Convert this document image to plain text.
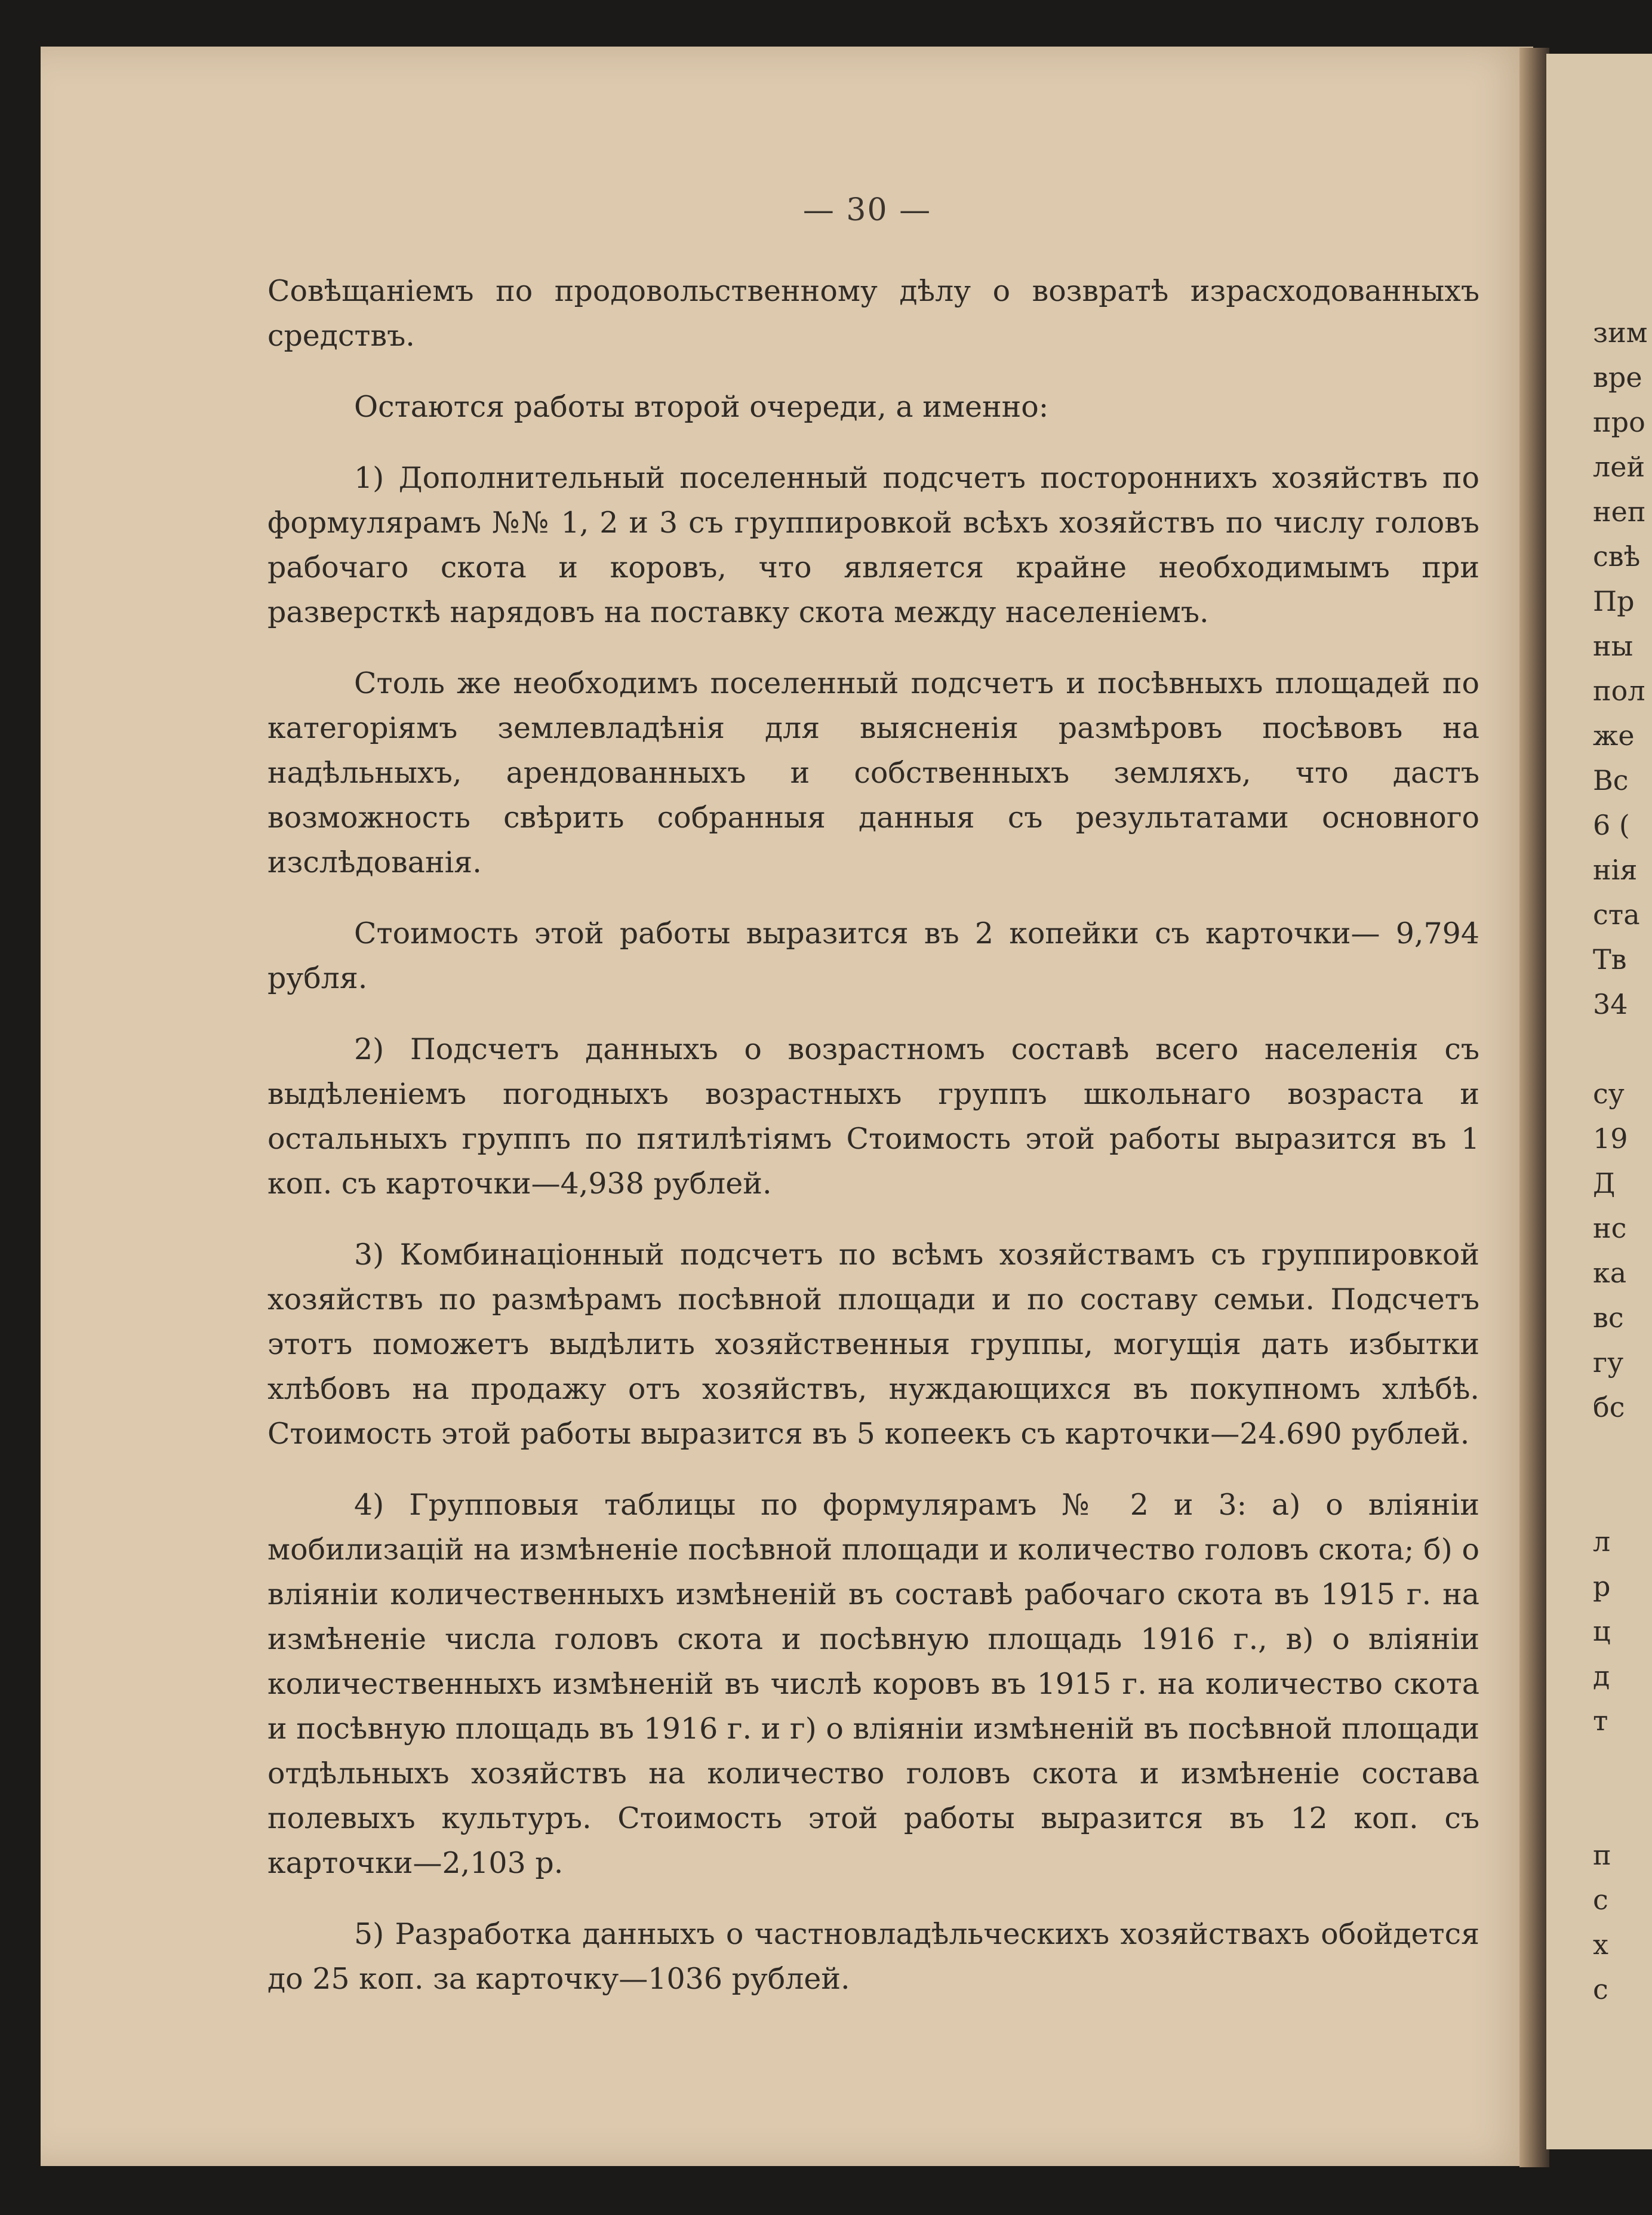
зим
вре
про
лей
неп
свѣ
Пр
ны
пол
же
Вс
6 (
нія
ста
Тв
34
су
19
Д
нс
ка
вс
гу
бс
л
р
ц
д
т
п
с
х
с
— 30 —

Совѣщаніемъ по продовольственному дѣлу о возвратѣ израсходованныхъ средствъ.

Остаются работы второй очереди, а именно:

1) Дополнительный поселенный подсчетъ постороннихъ хозяйствъ по формулярамъ №№ 1, 2 и 3 съ группировкой всѣхъ хозяйствъ по числу головъ рабочаго скота и коровъ, что является крайне необходимымъ при разверсткѣ нарядовъ на поставку скота между населеніемъ.

Столь же необходимъ поселенный подсчетъ и посѣвныхъ площадей по категоріямъ землевладѣнія для выясненія размѣровъ посѣвовъ на надѣльныхъ, арендованныхъ и собственныхъ земляхъ, что дастъ возможность свѣрить собранныя данныя съ результатами основного изслѣдованія.

Стоимость этой работы выразится въ 2 копейки съ карточки— 9,794 рубля.

2) Подсчетъ данныхъ о возрастномъ составѣ всего населенія съ выдѣленіемъ погодныхъ возрастныхъ группъ школьнаго возраста и остальныхъ группъ по пятилѣтіямъ Стоимость этой работы выразится въ 1 коп. съ карточки—4,938 рублей.

3) Комбинаціонный подсчетъ по всѣмъ хозяйствамъ съ группировкой хозяйствъ по размѣрамъ посѣвной площади и по составу семьи. Подсчетъ этотъ поможетъ выдѣлить хозяйственныя группы, могущія дать избытки хлѣбовъ на продажу отъ хозяйствъ, нуждающихся въ покупномъ хлѣбѣ. Стоимость этой работы выразится въ 5 копеекъ съ карточки—24.690 рублей.

4) Групповыя таблицы по формулярамъ № 2 и 3: а) о вліяніи мобилизацій на измѣненіе посѣвной площади и количество головъ скота; б) о вліяніи количественныхъ измѣненій въ составѣ рабочаго скота въ 1915 г. на измѣненіе числа головъ скота и посѣвную площадь 1916 г., в) о вліяніи количественныхъ измѣненій въ числѣ коровъ въ 1915 г. на количество скота и посѣвную площадь въ 1916 г. и г) о вліяніи измѣненій въ посѣвной площади отдѣльныхъ хозяйствъ на количество головъ скота и измѣненіе состава полевыхъ культуръ. Стоимость этой работы выразится въ 12 коп. съ карточки—2,103 р.

5) Разработка данныхъ о частновладѣльческихъ хозяйствахъ обойдется до 25 коп. за карточку—1036 рублей.
